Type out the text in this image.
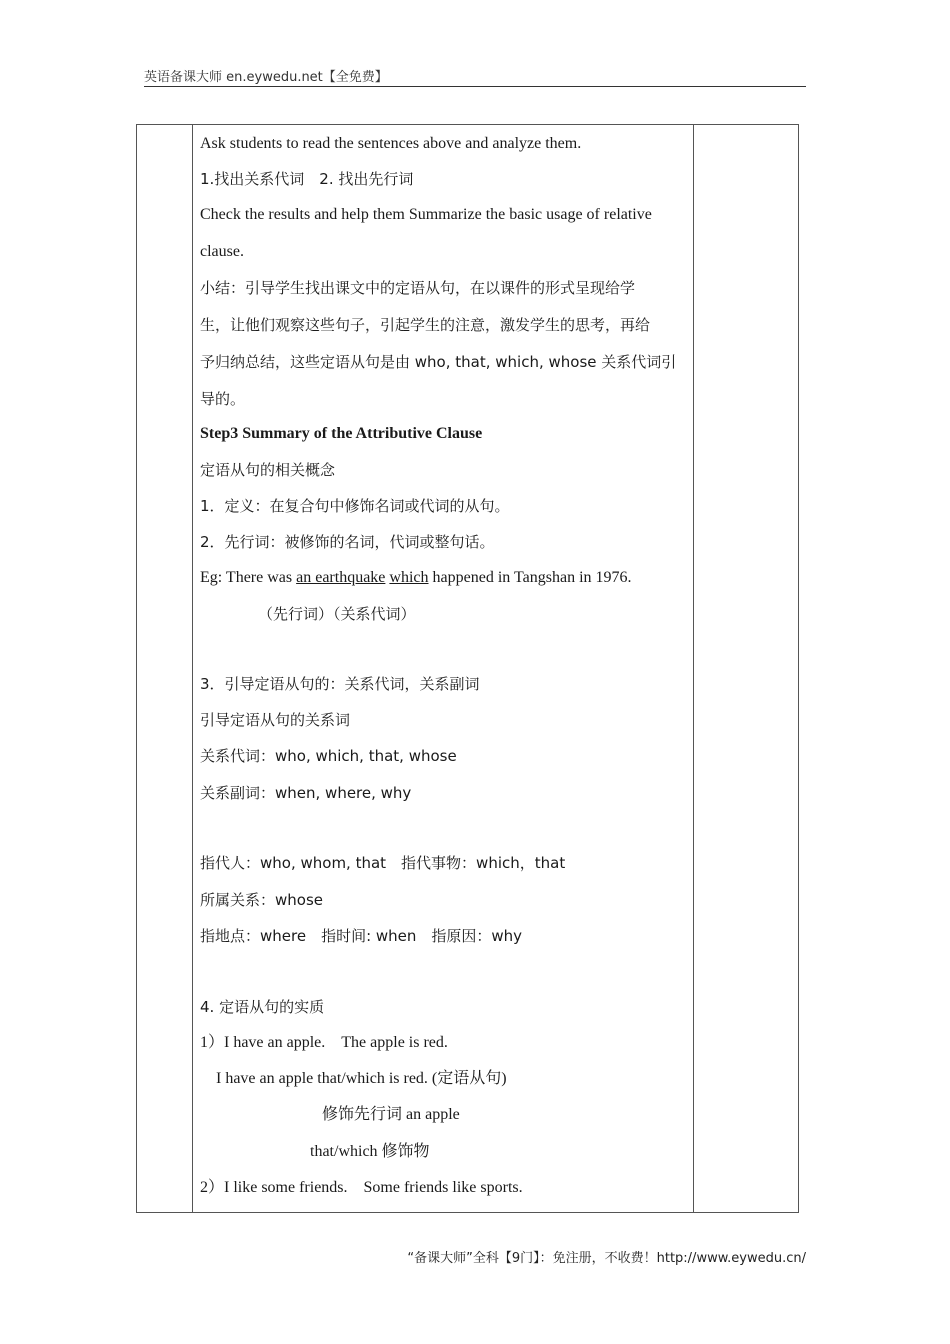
英语备课大师 en.eywedu.net【全免费】
Ask students to read the sentences above and analyze them.
1.找出关系代词　2. 找出先行词
Check the results and help them Summarize the basic usage of relative
clause.
小结：引导学生找出课文中的定语从句，在以课件的形式呈现给学
生，让他们观察这些句子，引起学生的注意，激发学生的思考，再给
予归纳总结，这些定语从句是由 who, that, which, whose 关系代词引
导的。
Step3 Summary of the Attributive Clause
定语从句的相关概念
1．定义：在复合句中修饰名词或代词的从句。
2．先行词：被修饰的名词，代词或整句话。
Eg: There was an earthquake which happened in Tangshan in 1976.
（先行词）（关系代词）
3．引导定语从句的：关系代词，关系副词
引导定语从句的关系词
关系代词：who, which, that, whose
关系副词：when, where, why
指代人：who, whom, that　指代事物：which，that
所属关系：whose
指地点：where　指时间: when　指原因：why
4. 定语从句的实质
1）I have an apple.　The apple is red.
I have an apple that/which is red. (定语从句)
修饰先行词 an apple
that/which 修饰物
2）I like some friends.　Some friends like sports.
“备课大师”全科【9门】：免注册，不收费！http://www.eywedu.cn/
